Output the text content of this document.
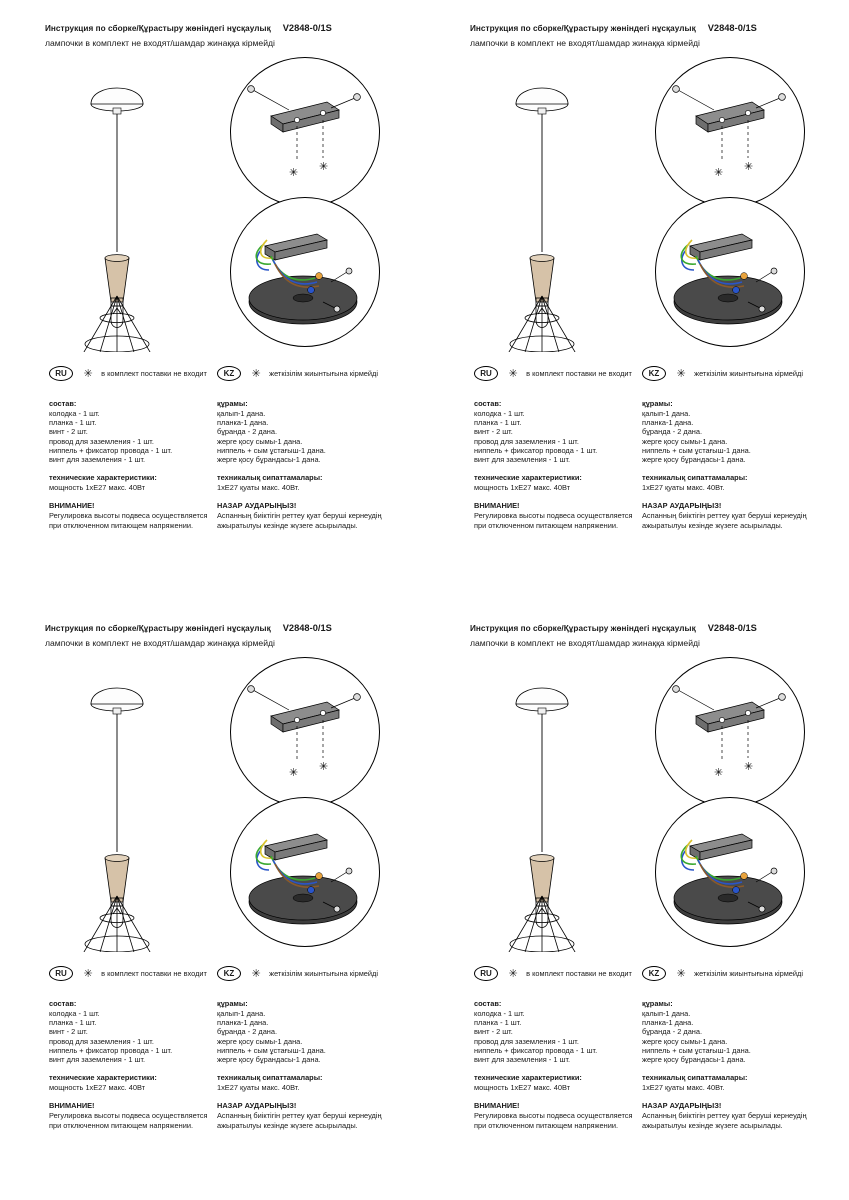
Инструкция по сборке/Құрастыру жөніндегі нұсқаулық V2848-0/1S
лампочки в комплект не входят/шамдар жинаққа кірмейді
✳ ✳
RU ✳ в комплект поставки не входит	KZ ✳ жеткізілім жиынтығына кірмейді
состав:
колодка - 1 шт.
планка - 1 шт.
винт - 2 шт.
провод для заземления - 1 шт.
ниппель + фиксатор провода - 1 шт.
винт для заземления - 1 шт.
технические характеристики:
мощность 1хЕ27 макс. 40Вт
ВНИМАНИЕ!
Регулировка высоты подвеса осуществляется
при отключенном питающем напряжении.
құрамы:
қалып-1 дана.
планка-1 дана.
бұранда - 2 дана.
жерге қосу сымы-1 дана.
ниппель + сым ұстағыш-1 дана.
жерге қосу бұрандасы-1 дана.
техникалық сипаттамалары:
1хЕ27 қуаты макс. 40Вт.
НАЗАР АУДАРЫҢЫЗ!
Аспанның биіктігін реттеу қуат беруші кернеудің
ажыратылуы кезінде жүзеге асырылады.
Инструкция по сборке/Құрастыру жөніндегі нұсқаулық V2848-0/1S
лампочки в комплект не входят/шамдар жинаққа кірмейді
✳ ✳
RU ✳ в комплект поставки не входит	KZ ✳ жеткізілім жиынтығына кірмейді
состав:
колодка - 1 шт.
планка - 1 шт.
винт - 2 шт.
провод для заземления - 1 шт.
ниппель + фиксатор провода - 1 шт.
винт для заземления - 1 шт.
технические характеристики:
мощность 1хЕ27 макс. 40Вт
ВНИМАНИЕ!
Регулировка высоты подвеса осуществляется
при отключенном питающем напряжении.
құрамы:
қалып-1 дана.
планка-1 дана.
бұранда - 2 дана.
жерге қосу сымы-1 дана.
ниппель + сым ұстағыш-1 дана.
жерге қосу бұрандасы-1 дана.
техникалық сипаттамалары:
1хЕ27 қуаты макс. 40Вт.
НАЗАР АУДАРЫҢЫЗ!
Аспанның биіктігін реттеу қуат беруші кернеудің
ажыратылуы кезінде жүзеге асырылады.
Инструкция по сборке/Құрастыру жөніндегі нұсқаулық V2848-0/1S
лампочки в комплект не входят/шамдар жинаққа кірмейді
✳ ✳
RU ✳ в комплект поставки не входит	KZ ✳ жеткізілім жиынтығына кірмейді
состав:
колодка - 1 шт.
планка - 1 шт.
винт - 2 шт.
провод для заземления - 1 шт.
ниппель + фиксатор провода - 1 шт.
винт для заземления - 1 шт.
технические характеристики:
мощность 1хЕ27 макс. 40Вт
ВНИМАНИЕ!
Регулировка высоты подвеса осуществляется
при отключенном питающем напряжении.
құрамы:
қалып-1 дана.
планка-1 дана.
бұранда - 2 дана.
жерге қосу сымы-1 дана.
ниппель + сым ұстағыш-1 дана.
жерге қосу бұрандасы-1 дана.
техникалық сипаттамалары:
1хЕ27 қуаты макс. 40Вт.
НАЗАР АУДАРЫҢЫЗ!
Аспанның биіктігін реттеу қуат беруші кернеудің
ажыратылуы кезінде жүзеге асырылады.
Инструкция по сборке/Құрастыру жөніндегі нұсқаулық V2848-0/1S
лампочки в комплект не входят/шамдар жинаққа кірмейді
✳ ✳
RU ✳ в комплект поставки не входит	KZ ✳ жеткізілім жиынтығына кірмейді
состав:
колодка - 1 шт.
планка - 1 шт.
винт - 2 шт.
провод для заземления - 1 шт.
ниппель + фиксатор провода - 1 шт.
винт для заземления - 1 шт.
технические характеристики:
мощность 1хЕ27 макс. 40Вт
ВНИМАНИЕ!
Регулировка высоты подвеса осуществляется
при отключенном питающем напряжении.
құрамы:
қалып-1 дана.
планка-1 дана.
бұранда - 2 дана.
жерге қосу сымы-1 дана.
ниппель + сым ұстағыш-1 дана.
жерге қосу бұрандасы-1 дана.
техникалық сипаттамалары:
1хЕ27 қуаты макс. 40Вт.
НАЗАР АУДАРЫҢЫЗ!
Аспанның биіктігін реттеу қуат беруші кернеудің
ажыратылуы кезінде жүзеге асырылады.
